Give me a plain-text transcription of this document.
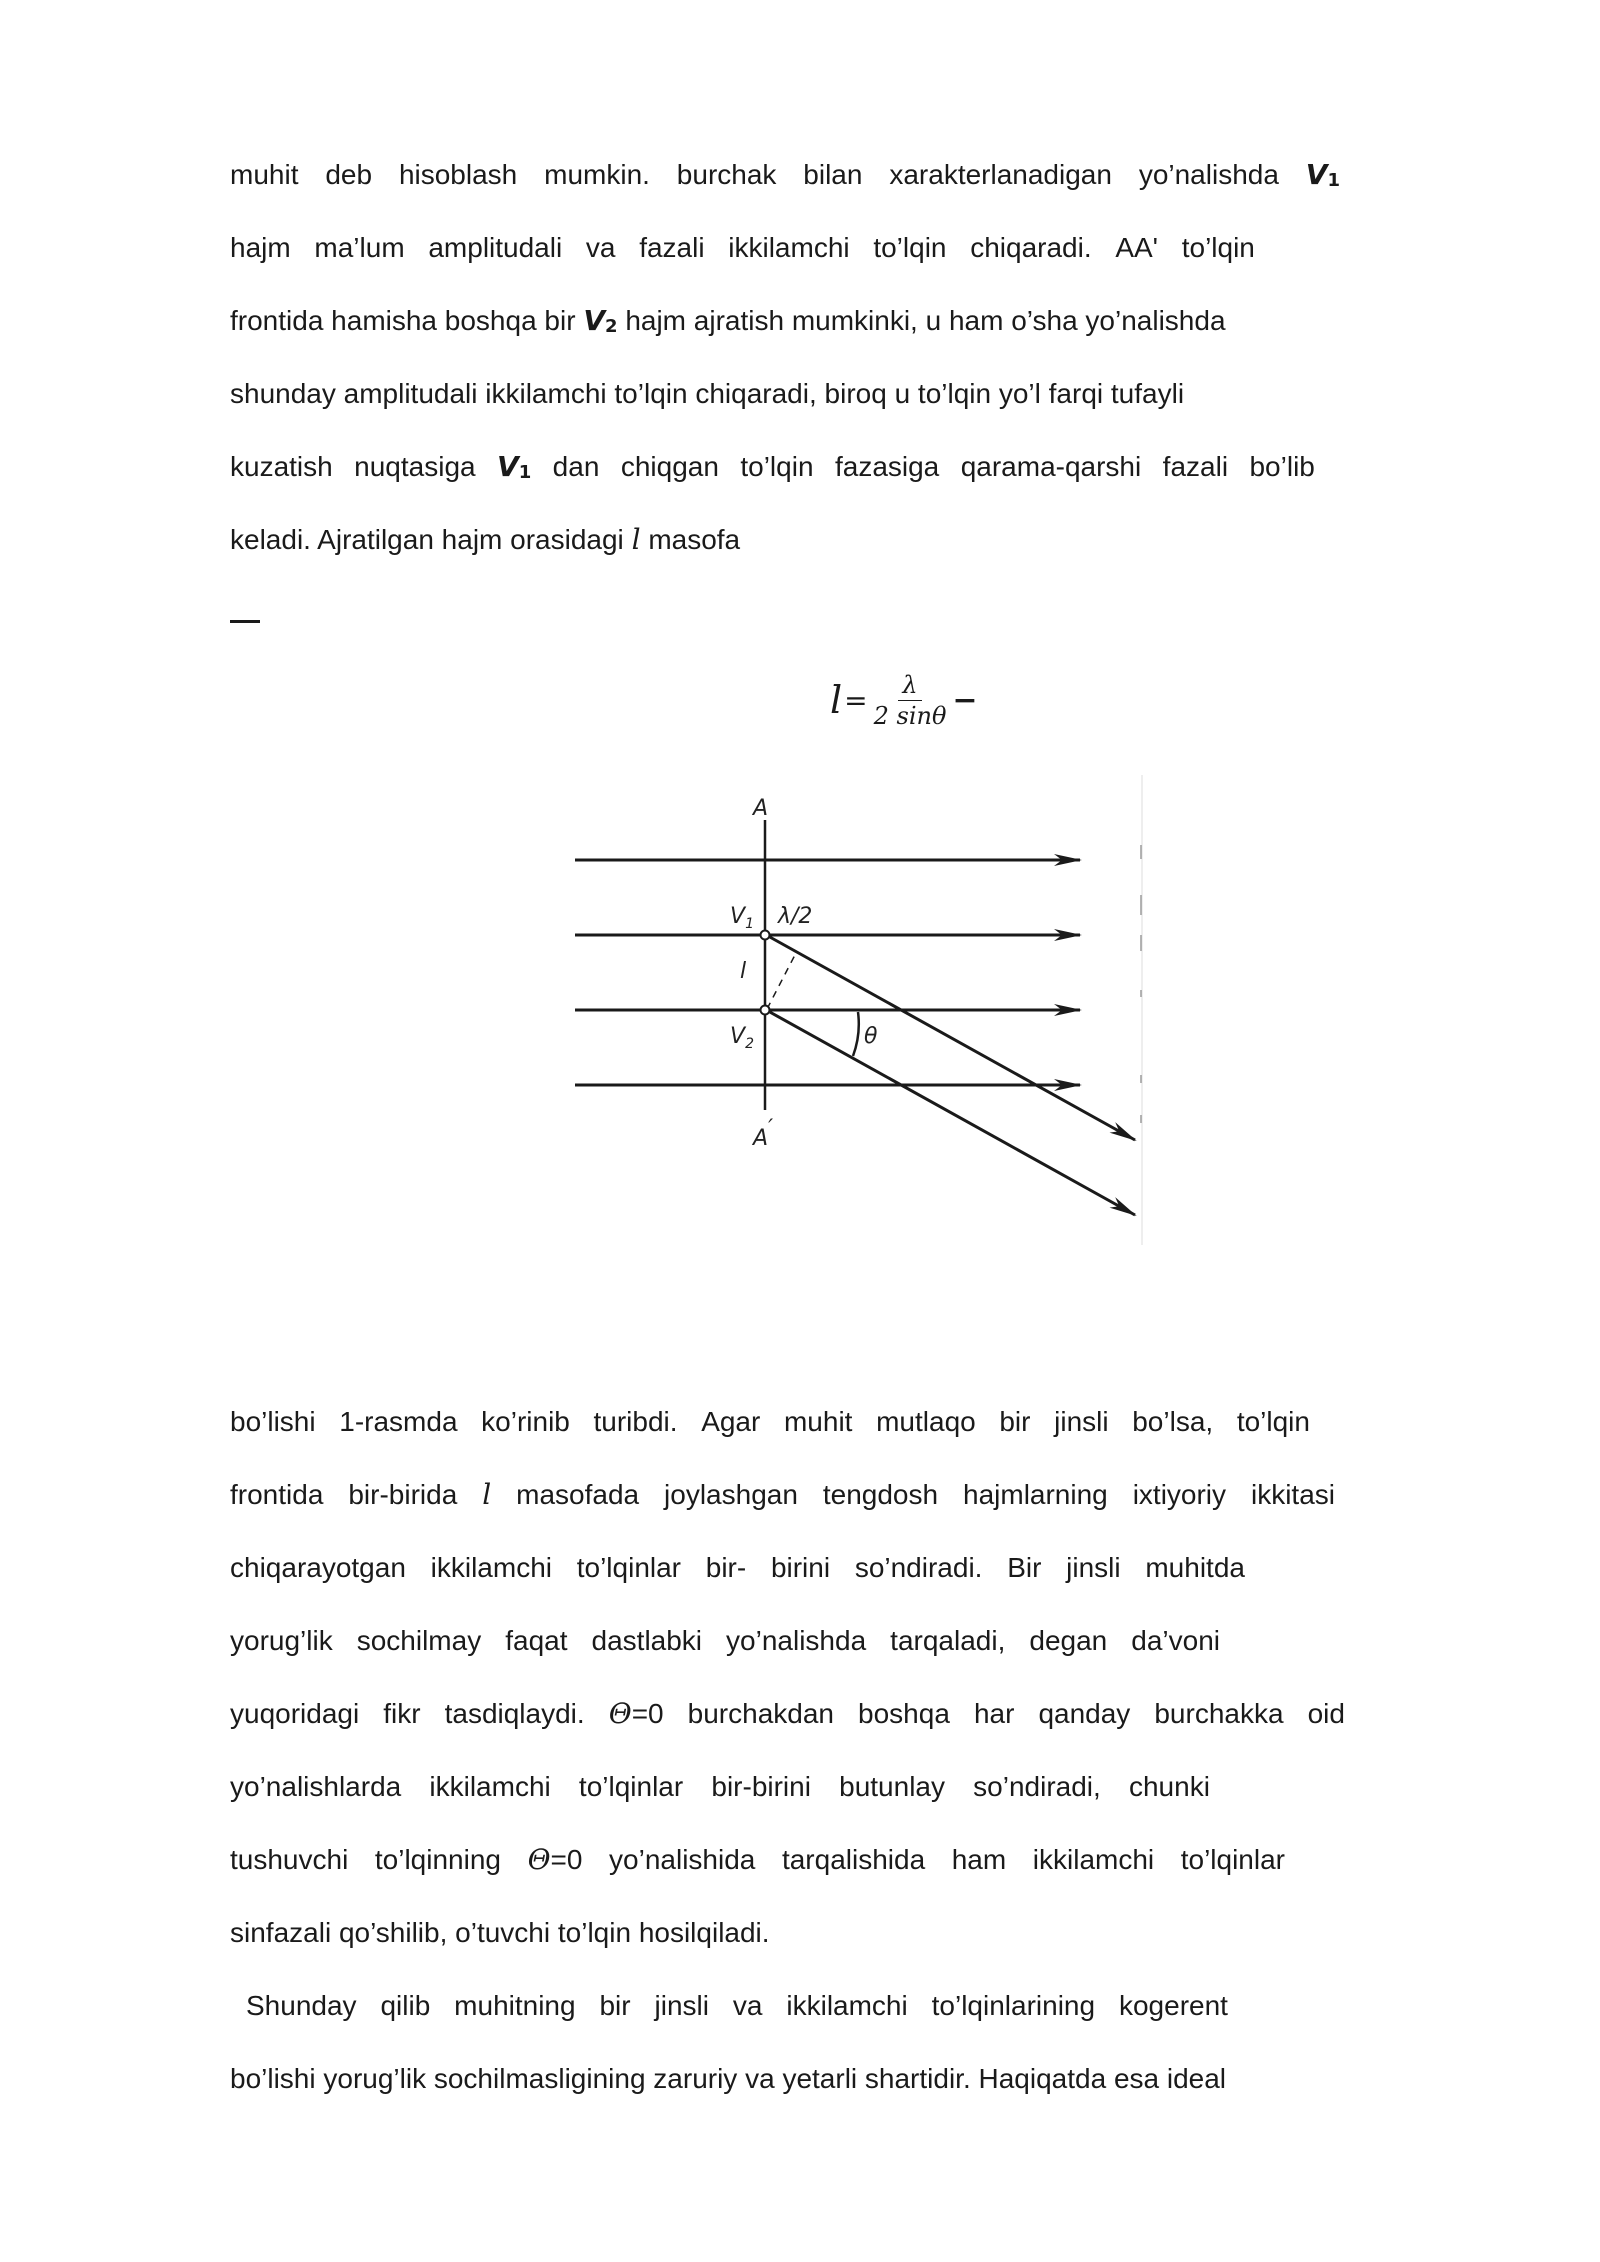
muhit deb hisoblash mumkin. burchak bilan xarakterlanadigan yo’nalishda $V_1$
hajm ma’lum amplitudali va fazali ikkilamchi to’lqin chiqaradi. AA' to’lqin
frontida hamisha boshqa bir $V_2$ hajm ajratish mumkinki, u ham o’sha yo’nalishda
shunday amplitudali ikkilamchi to’lqin chiqaradi, biroq u to’lqin yo’l farqi tufayli
kuzatish nuqtasiga $V_1$ dan chiqgan to’lqin fazasiga qarama-qarshi fazali bo’lib
keladi. Ajratilgan hajm orasidagi l masofa
$l = \frac{\lambda}{2 \sin\theta}$ −
A
$V_1$ λ/2
l
$V_2$	θ
A′
bo’lishi 1-rasmda ko’rinib turibdi. Agar muhit mutlaqo bir jinsli bo’lsa, to’lqin
frontida bir-birida l masofada joylashgan tengdosh hajmlarning ixtiyoriy ikkitasi
chiqarayotgan ikkilamchi to’lqinlar bir- birini so’ndiradi. Bir jinsli muhitda
yorug’lik sochilmay faqat dastlabki yo’nalishda tarqaladi, degan da’voni
yuqoridagi fikr tasdiqlaydi. Θ=0 burchakdan boshqa har qanday burchakka oid
yo’nalishlarda ikkilamchi to’lqinlar bir-birini butunlay so’ndiradi, chunki
tushuvchi to’lqinning Θ=0 yo’nalishida tarqalishida ham ikkilamchi to’lqinlar
sinfazali qo’shilib, o’tuvchi to’lqin hosilqiladi.
Shunday qilib muhitning bir jinsli va ikkilamchi to’lqinlarining kogerent
bo’lishi yorug’lik sochilmasligining zaruriy va yetarli shartidir. Haqiqatda esa ideal
